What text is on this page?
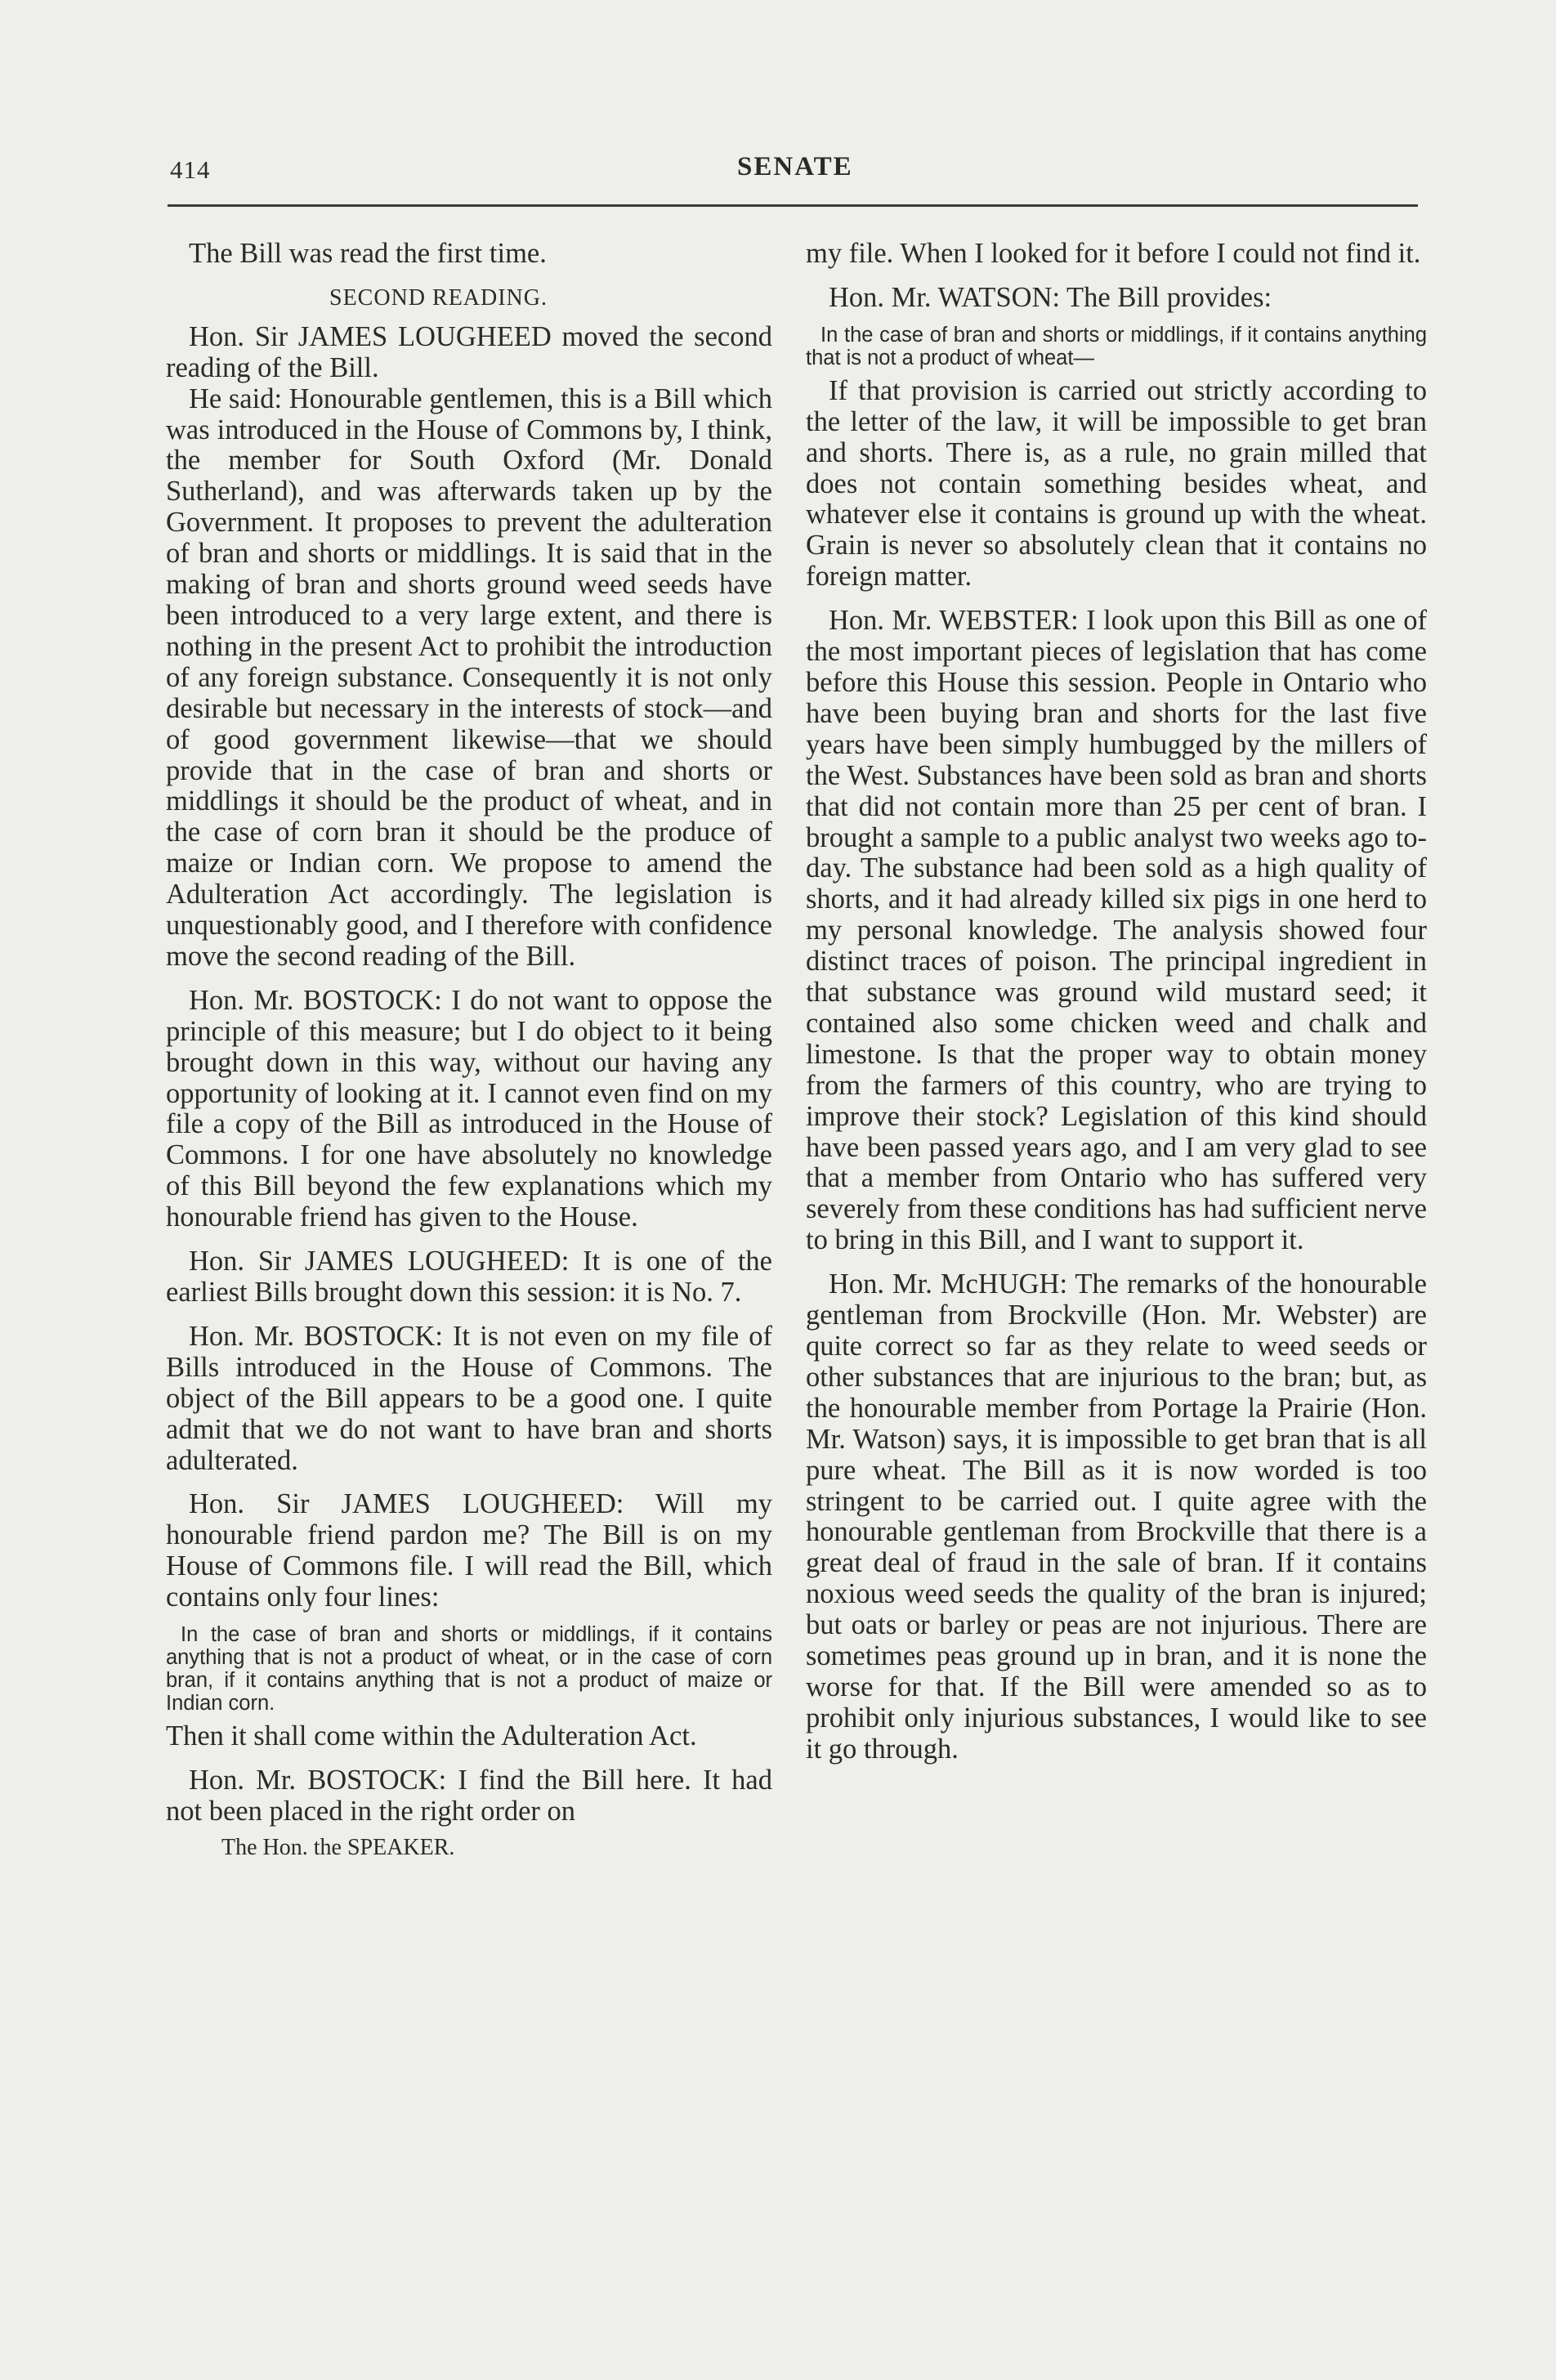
414	SENATE

The Bill was read the first time.

SECOND READING.

Hon. Sir JAMES LOUGHEED moved the second reading of the Bill.

He said: Honourable gentlemen, this is a Bill which was introduced in the House of Commons by, I think, the member for South Oxford (Mr. Donald Sutherland), and was afterwards taken up by the Government. It proposes to prevent the adulteration of bran and shorts or middlings. It is said that in the making of bran and shorts ground weed seeds have been introduced to a very large extent, and there is nothing in the present Act to prohibit the introduction of any foreign substance. Consequently it is not only desirable but necessary in the interests of stock—and of good government likewise—that we should provide that in the case of bran and shorts or middlings it should be the product of wheat, and in the case of corn bran it should be the produce of maize or Indian corn. We propose to amend the Adulteration Act accordingly. The legislation is unquestionably good, and I therefore with confidence move the second reading of the Bill.

Hon. Mr. BOSTOCK: I do not want to oppose the principle of this measure; but I do object to it being brought down in this way, without our having any opportunity of looking at it. I cannot even find on my file a copy of the Bill as introduced in the House of Commons. I for one have absolutely no knowledge of this Bill beyond the few explanations which my honourable friend has given to the House.

Hon. Sir JAMES LOUGHEED: It is one of the earliest Bills brought down this session: it is No. 7.

Hon. Mr. BOSTOCK: It is not even on my file of Bills introduced in the House of Commons. The object of the Bill appears to be a good one. I quite admit that we do not want to have bran and shorts adulterated.

Hon. Sir JAMES LOUGHEED: Will my honourable friend pardon me? The Bill is on my House of Commons file. I will read the Bill, which contains only four lines:

In the case of bran and shorts or middlings, if it contains anything that is not a product of wheat, or in the case of corn bran, if it contains anything that is not a product of maize or Indian corn.

Then it shall come within the Adulteration Act.

Hon. Mr. BOSTOCK: I find the Bill here. It had not been placed in the right order on

The Hon. the SPEAKER.

my file. When I looked for it before I could not find it.

Hon. Mr. WATSON: The Bill provides:

In the case of bran and shorts or middlings, if it contains anything that is not a product of wheat—

If that provision is carried out strictly according to the letter of the law, it will be impossible to get bran and shorts. There is, as a rule, no grain milled that does not contain something besides wheat, and whatever else it contains is ground up with the wheat. Grain is never so absolutely clean that it contains no foreign matter.

Hon. Mr. WEBSTER: I look upon this Bill as one of the most important pieces of legislation that has come before this House this session. People in Ontario who have been buying bran and shorts for the last five years have been simply humbugged by the millers of the West. Substances have been sold as bran and shorts that did not contain more than 25 per cent of bran. I brought a sample to a public analyst two weeks ago to-day. The substance had been sold as a high quality of shorts, and it had already killed six pigs in one herd to my personal knowledge. The analysis showed four distinct traces of poison. The principal ingredient in that substance was ground wild mustard seed; it contained also some chicken weed and chalk and limestone. Is that the proper way to obtain money from the farmers of this country, who are trying to improve their stock? Legislation of this kind should have been passed years ago, and I am very glad to see that a member from Ontario who has suffered very severely from these conditions has had sufficient nerve to bring in this Bill, and I want to support it.

Hon. Mr. McHUGH: The remarks of the honourable gentleman from Brockville (Hon. Mr. Webster) are quite correct so far as they relate to weed seeds or other substances that are injurious to the bran; but, as the honourable member from Portage la Prairie (Hon. Mr. Watson) says, it is impossible to get bran that is all pure wheat. The Bill as it is now worded is too stringent to be carried out. I quite agree with the honourable gentleman from Brockville that there is a great deal of fraud in the sale of bran. If it contains noxious weed seeds the quality of the bran is injured; but oats or barley or peas are not injurious. There are sometimes peas ground up in bran, and it is none the worse for that. If the Bill were amended so as to prohibit only injurious substances, I would like to see it go through.
